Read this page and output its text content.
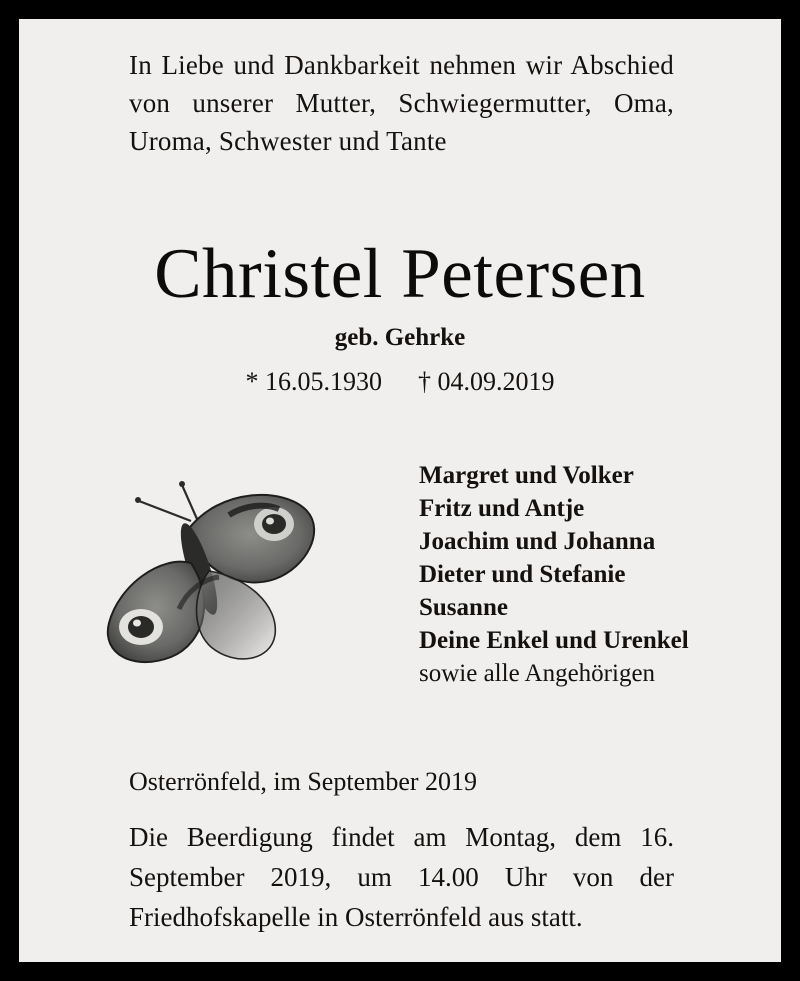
In Liebe und Dankbarkeit nehmen wir Abschied von unserer Mutter, Schwiegermutter, Oma, Uroma, Schwester und Tante
Christel Petersen
geb. Gehrke
* 16.05.1930 † 04.09.2019
Margret und Volker
Fritz und Antje
Joachim und Johanna
Dieter und Stefanie
Susanne
Deine Enkel und Urenkel
sowie alle Angehörigen
Osterrönfeld, im September 2019
Die Beerdigung findet am Montag, dem 16. September 2019, um 14.00 Uhr von der Friedhofskapelle in Osterrönfeld aus statt.
